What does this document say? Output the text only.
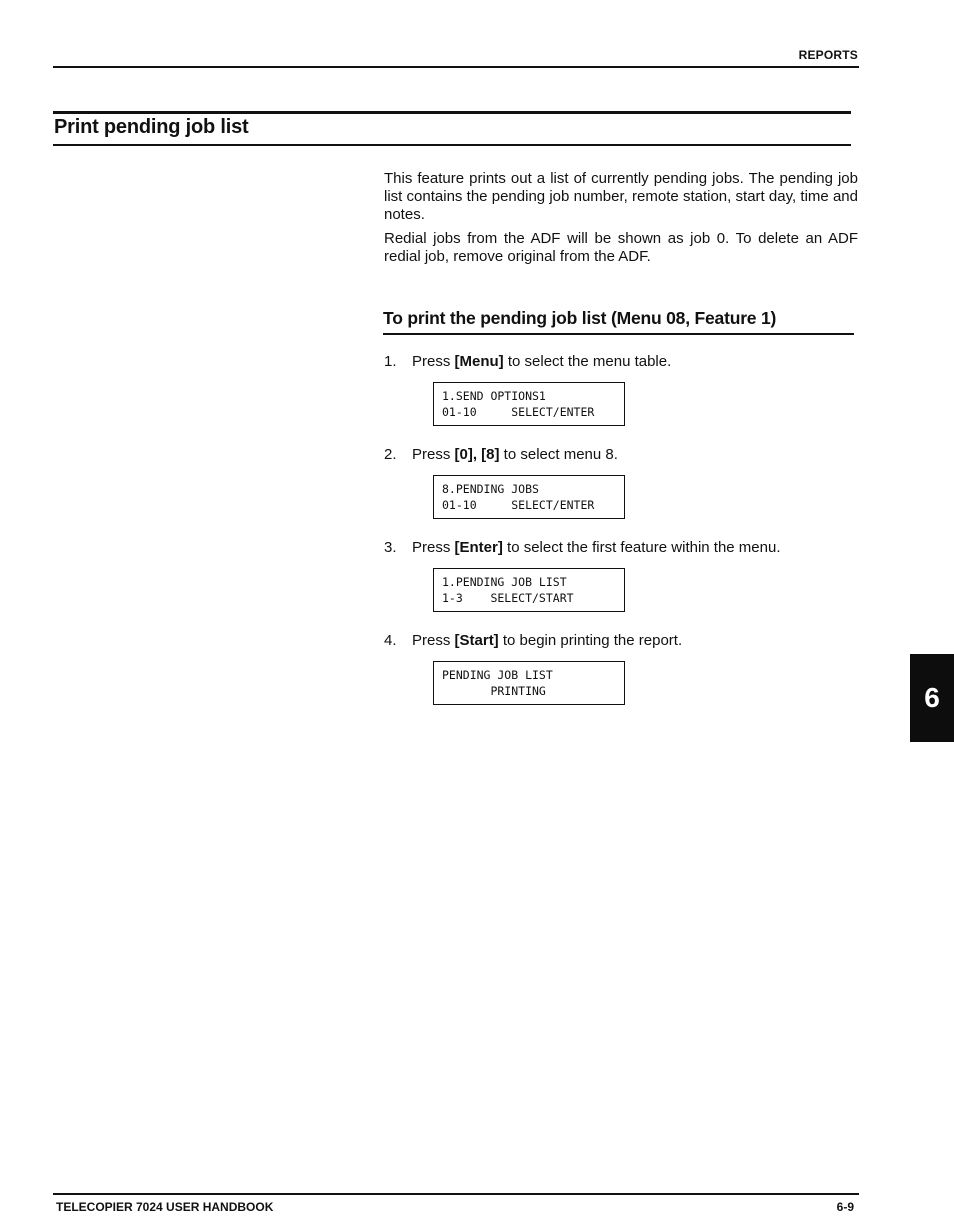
REPORTS
Print pending job list
This feature prints out a list of currently pending jobs. The pending job list contains the pending job number, remote station, start day, time and notes.
Redial jobs from the ADF will be shown as job 0. To delete an ADF redial job, remove original from the ADF.
To print the pending job list (Menu 08, Feature 1)
1. Press [Menu] to select the menu table.
1.SEND OPTIONS1
01-10     SELECT/ENTER
2. Press [0], [8] to select menu 8.
8.PENDING JOBS
01-10     SELECT/ENTER
3. Press [Enter] to select the first feature within the menu.
1.PENDING JOB LIST
1-3    SELECT/START
4. Press [Start] to begin printing the report.
PENDING JOB LIST
PRINTING	6
TELECOPIER 7024 USER HANDBOOK	6-9
